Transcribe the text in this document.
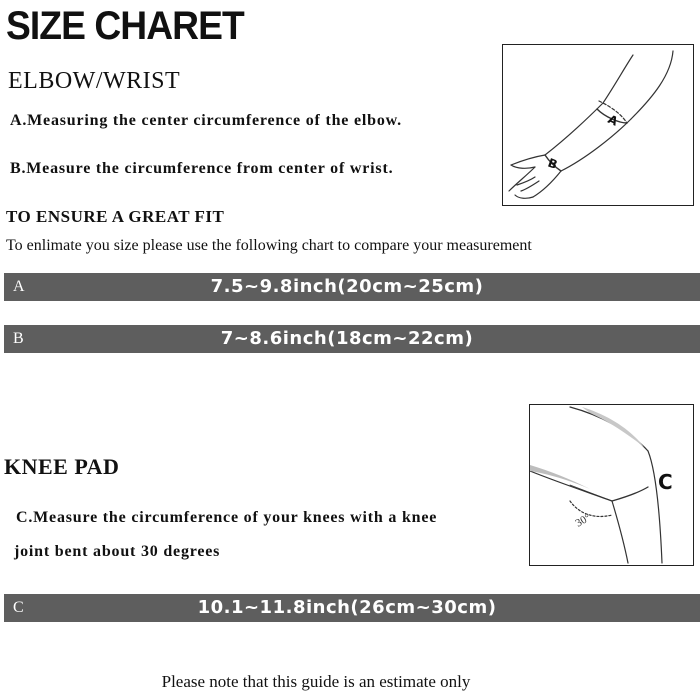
SIZE CHARET
ELBOW/WRIST
A.Measuring the center circumference of the elbow.
B.Measure the circumference from center of wrist.
A
B
TO ENSURE A GREAT FIT
To enlimate you size please use the following chart to compare your measurement
A	7.5~9.8inch(20cm~25cm)
B	7~8.6inch(18cm~22cm)
KNEE PAD
C.Measure the circumference of your knees with a knee
joint bent about 30 degrees
C
30°
C	10.1~11.8inch(26cm~30cm)
Please note that this guide is an estimate only
